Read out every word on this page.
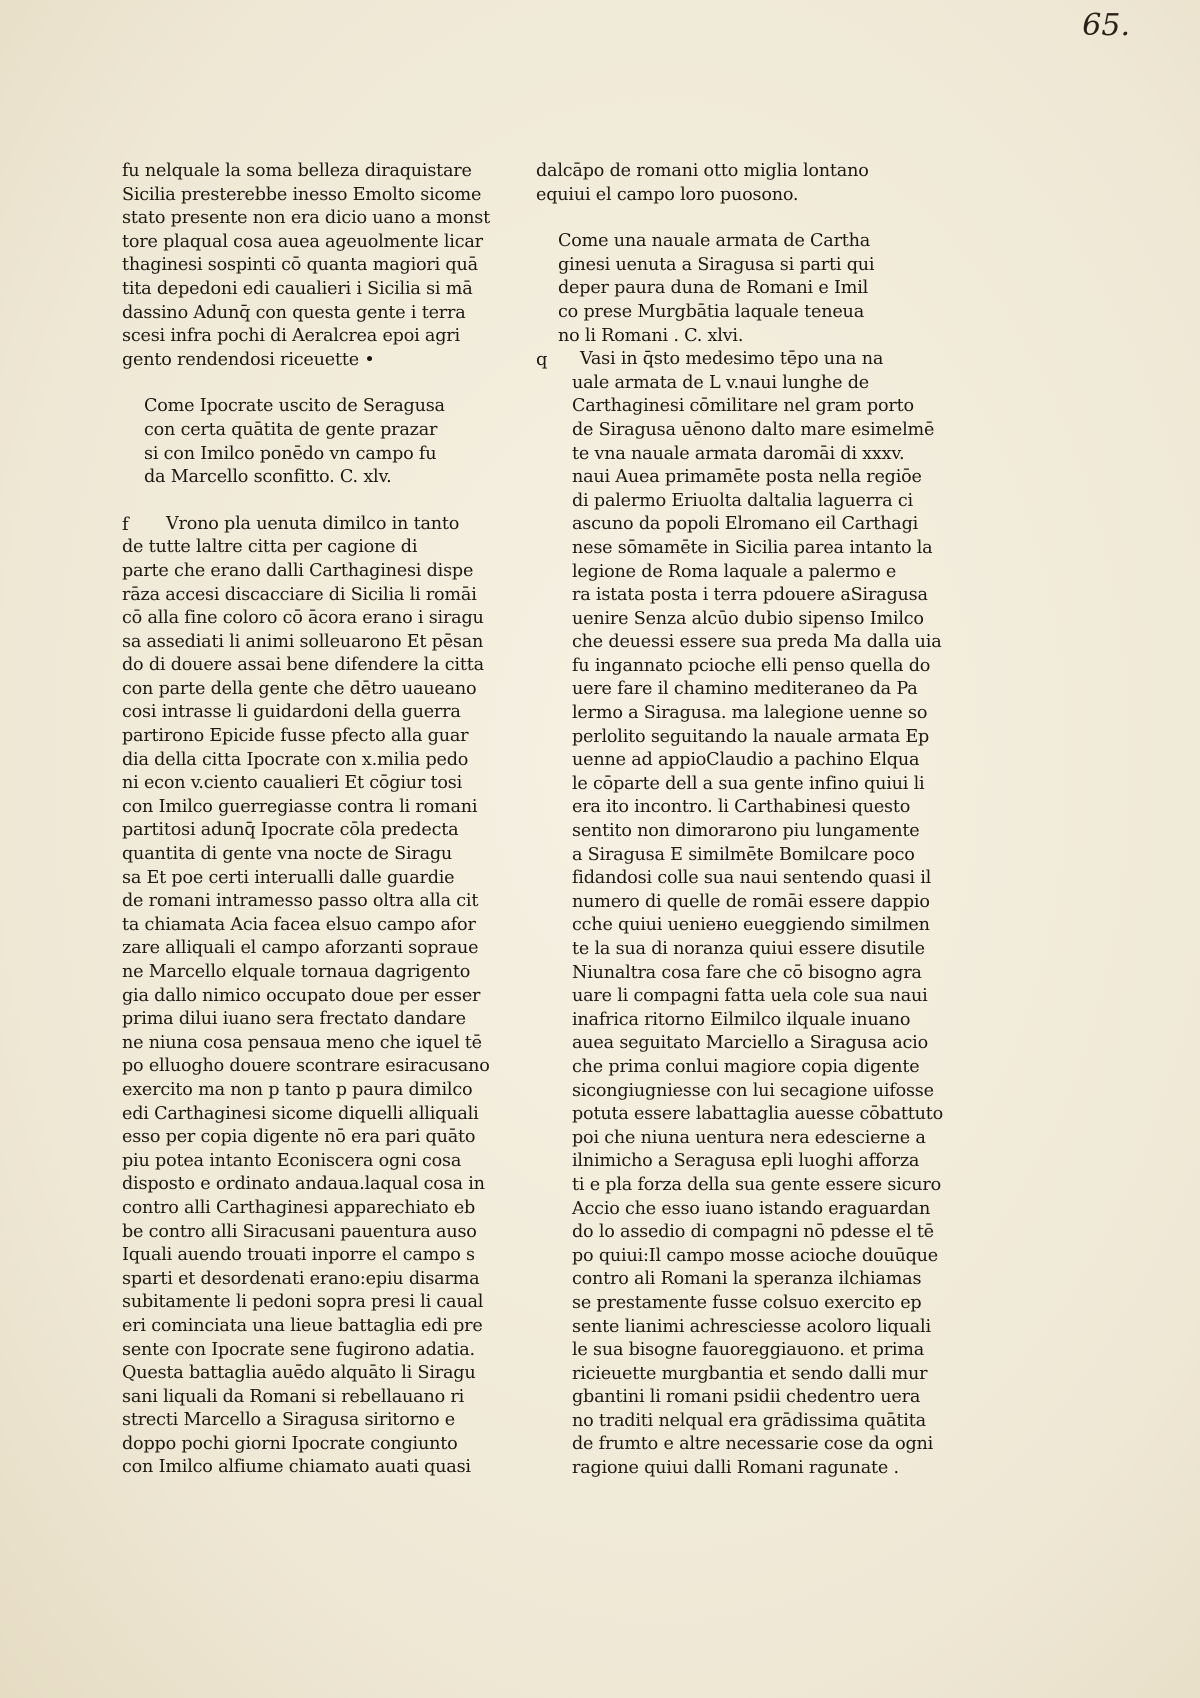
65.
fu nelquale la soma belleza diraquistare
Sicilia presterebbe inesso Emolto sicome
stato presente non era dicio uano a monst
tore plaqual cosa auea ageuolmente licar
thaginesi sospinti cō quanta magiori quā
tita depedoni edi caualieri i Sicilia si mā
dassino Adunq̄ con questa gente i terra
scesi infra pochi di Aeralcrea epoi agri
gento rendendosi riceuette •
Come Ipocrate uscito de Seragusa
con certa quātita de gente prazar
si con Imilco ponēdo vn campo fu
da Marcello sconfitto. C. xlv.
f	Vrono pla uenuta dimilco in tanto
de tutte laltre citta per cagione di
parte che erano dalli Carthaginesi dispe
rāza accesi discacciare di Sicilia li romāi
cō alla fine coloro cō ācora erano i siragu
sa assediati li animi solleuarono Et pēsan
do di douere assai bene difendere la citta
con parte della gente che dētro uaueano
cosi intrasse li guidardoni della guerra
partirono Epicide fusse pfecto alla guar
dia della citta Ipocrate con x.milia pedo
ni econ v.ciento caualieri Et cōgiur tosi
con Imilco guerregiasse contra li romani
partitosi adunq̄ Ipocrate cōla predecta
quantita di gente vna nocte de Siragu
sa Et poe certi interualli dalle guardie
de romani intramesso passo oltra alla cit
ta chiamata Acia facea elsuo campo afor
zare alliquali el campo aforzanti sopraue
ne Marcello elquale tornaua dagrigento
gia dallo nimico occupato doue per esser
prima dilui iuano sera frectato dandare
ne niuna cosa pensaua meno che iquel tē
po elluogho douere scontrare esiracusano
exercito ma non p tanto p paura dimilco
edi Carthaginesi sicome diquelli alliquali
esso per copia digente nō era pari quāto
piu potea intanto Econiscera ogni cosa
disposto e ordinato andaua.laqual cosa in
contro alli Carthaginesi apparechiato eb
be contro alli Siracusani pauentura auso
Iquali auendo trouati inporre el campo s
sparti et desordenati erano:epiu disarma
subitamente li pedoni sopra presi li caual
eri cominciata una lieue battaglia edi pre
sente con Ipocrate sene fugirono adatia.
Questa battaglia auēdo alquāto li Siragu
sani liquali da Romani si rebellauano ri
strecti Marcello a Siragusa siritorno e
doppo pochi giorni Ipocrate congiunto
con Imilco alfiume chiamato auati quasi
dalcāpo de romani otto miglia lontano
equiui el campo loro puosono.
Come una nauale armata de Cartha
ginesi uenuta a Siragusa si parti qui
deper paura duna de Romani e Imil
co prese Murgbātia laquale teneua
no li Romani . C. xlvi.
q	Vasi in q̄sto medesimo tēpo una na
uale armata de L v.naui lunghe de
Carthaginesi cōmilitare nel gram porto
de Siragusa uēnono dalto mare esimelmē
te vna nauale armata daromāi di xxxv.
naui Auea primamēte posta nella regiōe
di palermo Eriuolta daltalia laguerra ci
ascuno da popoli Elromano eil Carthagi
nese sōmamēte in Sicilia parea intanto la
legione de Roma laquale a palermo e
ra istata posta i terra pdouere aSiragusa
uenire Senza alcūo dubio sipenso Imilco
che deuessi essere sua preda Ma dalla uia
fu ingannato pcioche elli penso quella do
uere fare il chamino mediteraneo da Pa
lermo a Siragusa. ma lalegione uenne so
perlolito seguitando la nauale armata Ep
uenne ad appioClaudio a pachino Elqua
le cōparte dell a sua gente infino quiui li
era ito incontro. li Carthabinesi questo
sentito non dimorarono piu lungamente
a Siragusa E similmēte Bomilcare poco
fidandosi colle sua naui sentendo quasi il
numero di quelle de romāi essere dappio
cche quiui ueniено eueggiendo similmen
te la sua di noranza quiui essere disutile
Niunaltra cosa fare che cō bisogno agra
uare li compagni fatta uela cole sua naui
inafrica ritorno Eilmilco ilquale inuano
auea seguitato Marciello a Siragusa acio
che prima conlui magiore copia digente
sicongiugniesse con lui secagione uifosse
potuta essere labattaglia auesse cōbattuto
poi che niuna uentura nera edescierne a
ilnimicho a Seragusa epli luoghi afforza
ti e pla forza della sua gente essere sicuro
Accio che esso iuano istando eraguardan
do lo assedio di compagni nō pdesse el tē
po quiui:Il campo mosse acioche douūque
contro ali Romani la speranza ilchiamas
se prestamente fusse colsuo exercito ep
sente lianimi achresciesse acoloro liquali
le sua bisogne fauoreggiauono. et prima
ricieuette murgbantia et sendo dalli mur
gbantini li romani psidii chedentro uera
no traditi nelqual era grādissima quātita
de frumto e altre necessarie cose da ogni
ragione quiui dalli Romani ragunate .
